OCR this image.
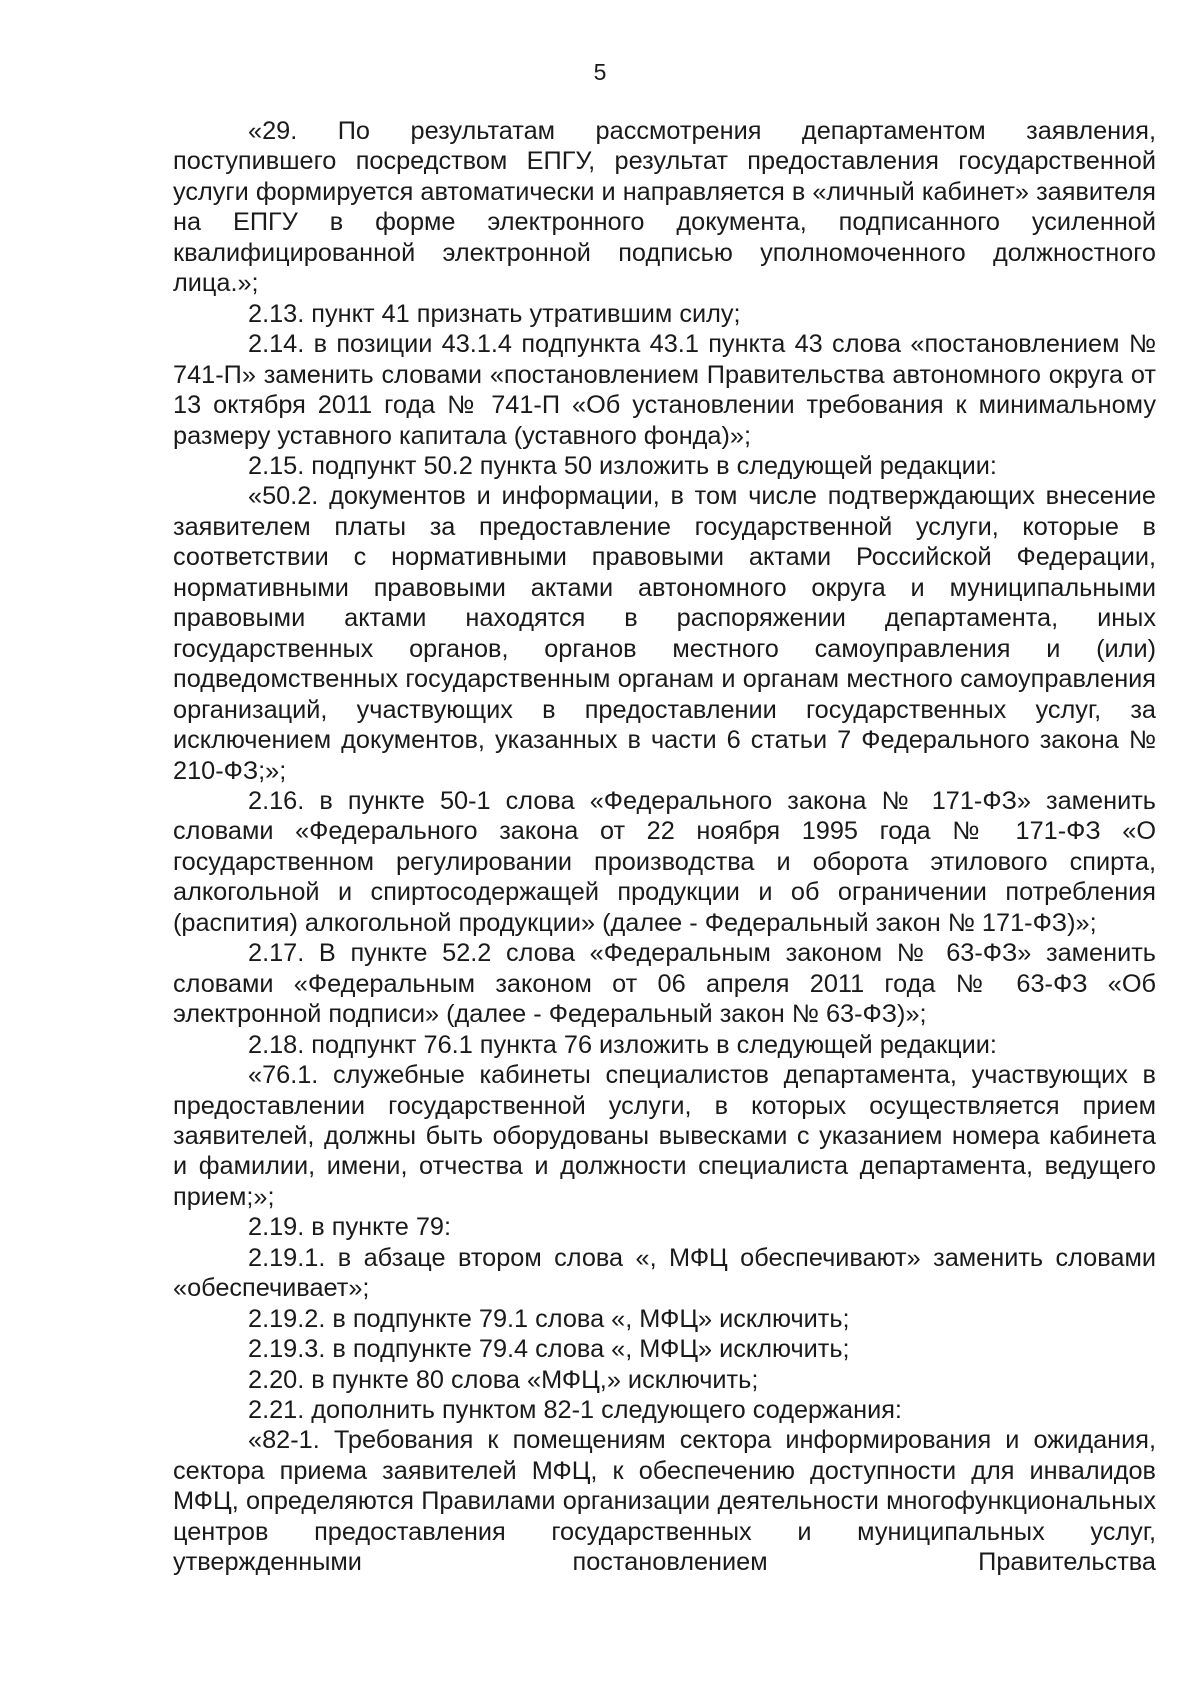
5

«29. По результатам рассмотрения департаментом заявления, поступившего посредством ЕПГУ, результат предоставления государственной услуги формируется автоматически и направляется в «личный кабинет» заявителя на ЕПГУ в форме электронного документа, подписанного усиленной квалифицированной электронной подписью уполномоченного должностного лица.»;

2.13. пункт 41 признать утратившим силу;

2.14. в позиции 43.1.4 подпункта 43.1 пункта 43 слова «постановлением № 741-П» заменить словами «постановлением Правительства автономного округа от 13 октября 2011 года № 741-П «Об установлении требования к минимальному размеру уставного капитала (уставного фонда)»;

2.15. подпункт 50.2 пункта 50 изложить в следующей редакции:

«50.2. документов и информации, в том числе подтверждающих внесение заявителем платы за предоставление государственной услуги, которые в соответствии с нормативными правовыми актами Российской Федерации, нормативными правовыми актами автономного округа и муниципальными правовыми актами находятся в распоряжении департамента, иных государственных органов, органов местного самоуправления и (или) подведомственных государственным органам и органам местного самоуправления организаций, участвующих в предоставлении государственных услуг, за исключением документов, указанных в части 6 статьи 7 Федерального закона № 210-ФЗ;»;

2.16. в пункте 50-1 слова «Федерального закона № 171-ФЗ» заменить словами «Федерального закона от 22 ноября 1995 года № 171-ФЗ «О государственном регулировании производства и оборота этилового спирта, алкогольной и спиртосодержащей продукции и об ограничении потребления (распития) алкогольной продукции» (далее - Федеральный закон № 171-ФЗ)»;

2.17. В пункте 52.2 слова «Федеральным законом № 63-ФЗ» заменить словами «Федеральным законом от 06 апреля 2011 года № 63-ФЗ «Об электронной подписи» (далее - Федеральный закон № 63-ФЗ)»;

2.18. подпункт 76.1 пункта 76 изложить в следующей редакции:

«76.1. служебные кабинеты специалистов департамента, участвующих в предоставлении государственной услуги, в которых осуществляется прием заявителей, должны быть оборудованы вывесками с указанием номера кабинета и фамилии, имени, отчества и должности специалиста департамента, ведущего прием;»;

2.19. в пункте 79:

2.19.1. в абзаце втором слова «, МФЦ обеспечивают» заменить словами «обеспечивает»;

2.19.2. в подпункте 79.1 слова «, МФЦ» исключить;

2.19.3. в подпункте 79.4 слова «, МФЦ» исключить;

2.20. в пункте 80 слова «МФЦ,» исключить;

2.21. дополнить пунктом 82-1 следующего содержания:

«82-1. Требования к помещениям сектора информирования и ожидания, сектора приема заявителей МФЦ, к обеспечению доступности для инвалидов МФЦ, определяются Правилами организации деятельности многофункциональных центров предоставления государственных и муниципальных услуг, утвержденными постановлением Правительства
